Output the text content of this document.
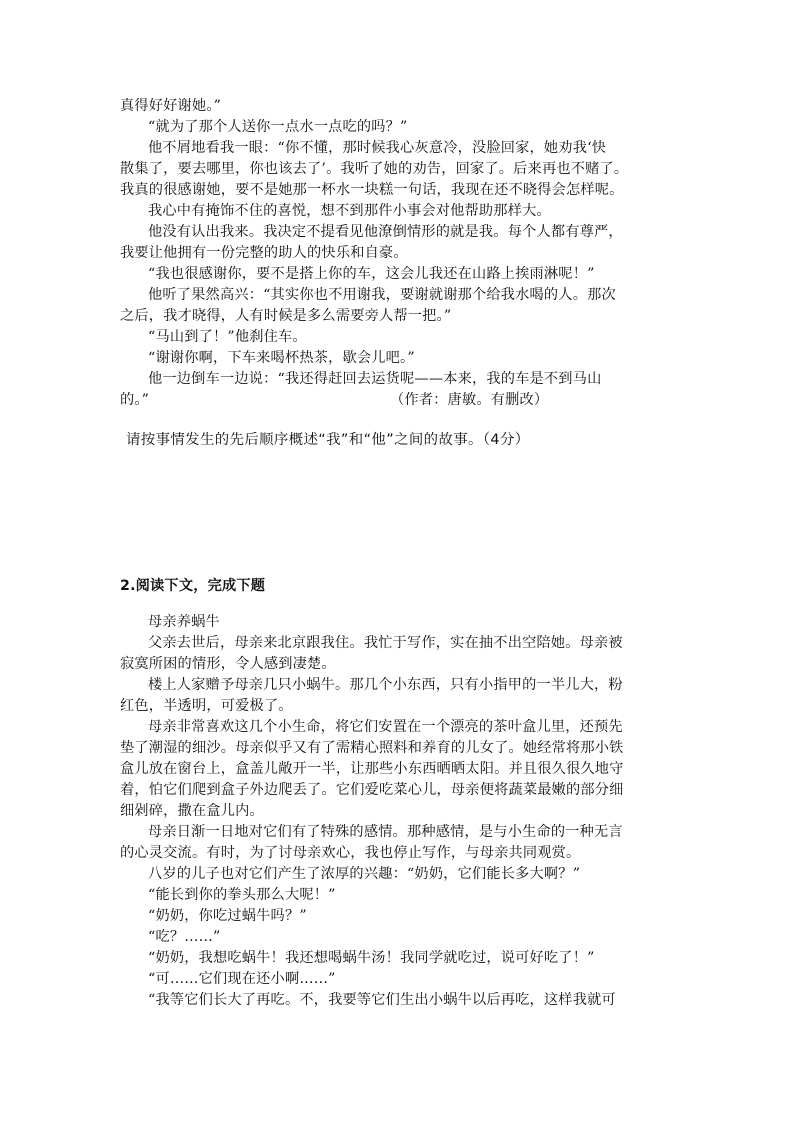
真得好好谢她。”
“就为了那个人送你一点水一点吃的吗？”
他不屑地看我一眼：“你不懂，那时候我心灰意冷，没脸回家，她劝我‘快
散集了，要去哪里，你也该去了’。我听了她的劝告，回家了。后来再也不赌了。
我真的很感谢她，要不是她那一杯水一块糕一句话，我现在还不晓得会怎样呢。
我心中有掩饰不住的喜悦，想不到那件小事会对他帮助那样大。
他没有认出我来。我决定不提看见他潦倒情形的就是我。每个人都有尊严，
我要让他拥有一份完整的助人的快乐和自豪。
“我也很感谢你，要不是搭上你的车，这会儿我还在山路上挨雨淋呢！”
他听了果然高兴：“其实你也不用谢我，要谢就谢那个给我水喝的人。那次
之后，我才晓得，人有时候是多么需要旁人帮一把。”
“马山到了！”他刹住车。
“谢谢你啊，下车来喝杯热茶，歇会儿吧。”
他一边倒车一边说：“我还得赶回去运货呢——本来，我的车是不到马山
的。”	（作者：唐敏。有删改）
请按事情发生的先后顺序概述“我”和“他”之间的故事。（4分）
2.阅读下文，完成下题
母亲养蜗牛
父亲去世后，母亲来北京跟我住。我忙于写作，实在抽不出空陪她。母亲被
寂寞所困的情形，令人感到凄楚。
楼上人家赠予母亲几只小蜗牛。那几个小东西，只有小指甲的一半儿大，粉
红色，半透明，可爱极了。
母亲非常喜欢这几个小生命，将它们安置在一个漂亮的茶叶盒儿里，还预先
垫了潮湿的细沙。母亲似乎又有了需精心照料和养育的儿女了。她经常将那小铁
盒儿放在窗台上，盒盖儿敞开一半，让那些小东西晒晒太阳。并且很久很久地守
着，怕它们爬到盒子外边爬丢了。它们爱吃菜心儿，母亲便将蔬菜最嫩的部分细
细剁碎，撒在盒儿内。
母亲日渐一日地对它们有了特殊的感情。那种感情，是与小生命的一种无言
的心灵交流。有时，为了讨母亲欢心，我也停止写作，与母亲共同观赏。
八岁的儿子也对它们产生了浓厚的兴趣：“奶奶，它们能长多大啊？”
“能长到你的拳头那么大呢！”
“奶奶，你吃过蜗牛吗？”
“吃？……”
“奶奶，我想吃蜗牛！我还想喝蜗牛汤！我同学就吃过，说可好吃了！”
“可……它们现在还小啊……”
“我等它们长大了再吃。不，我要等它们生出小蜗牛以后再吃，这样我就可
